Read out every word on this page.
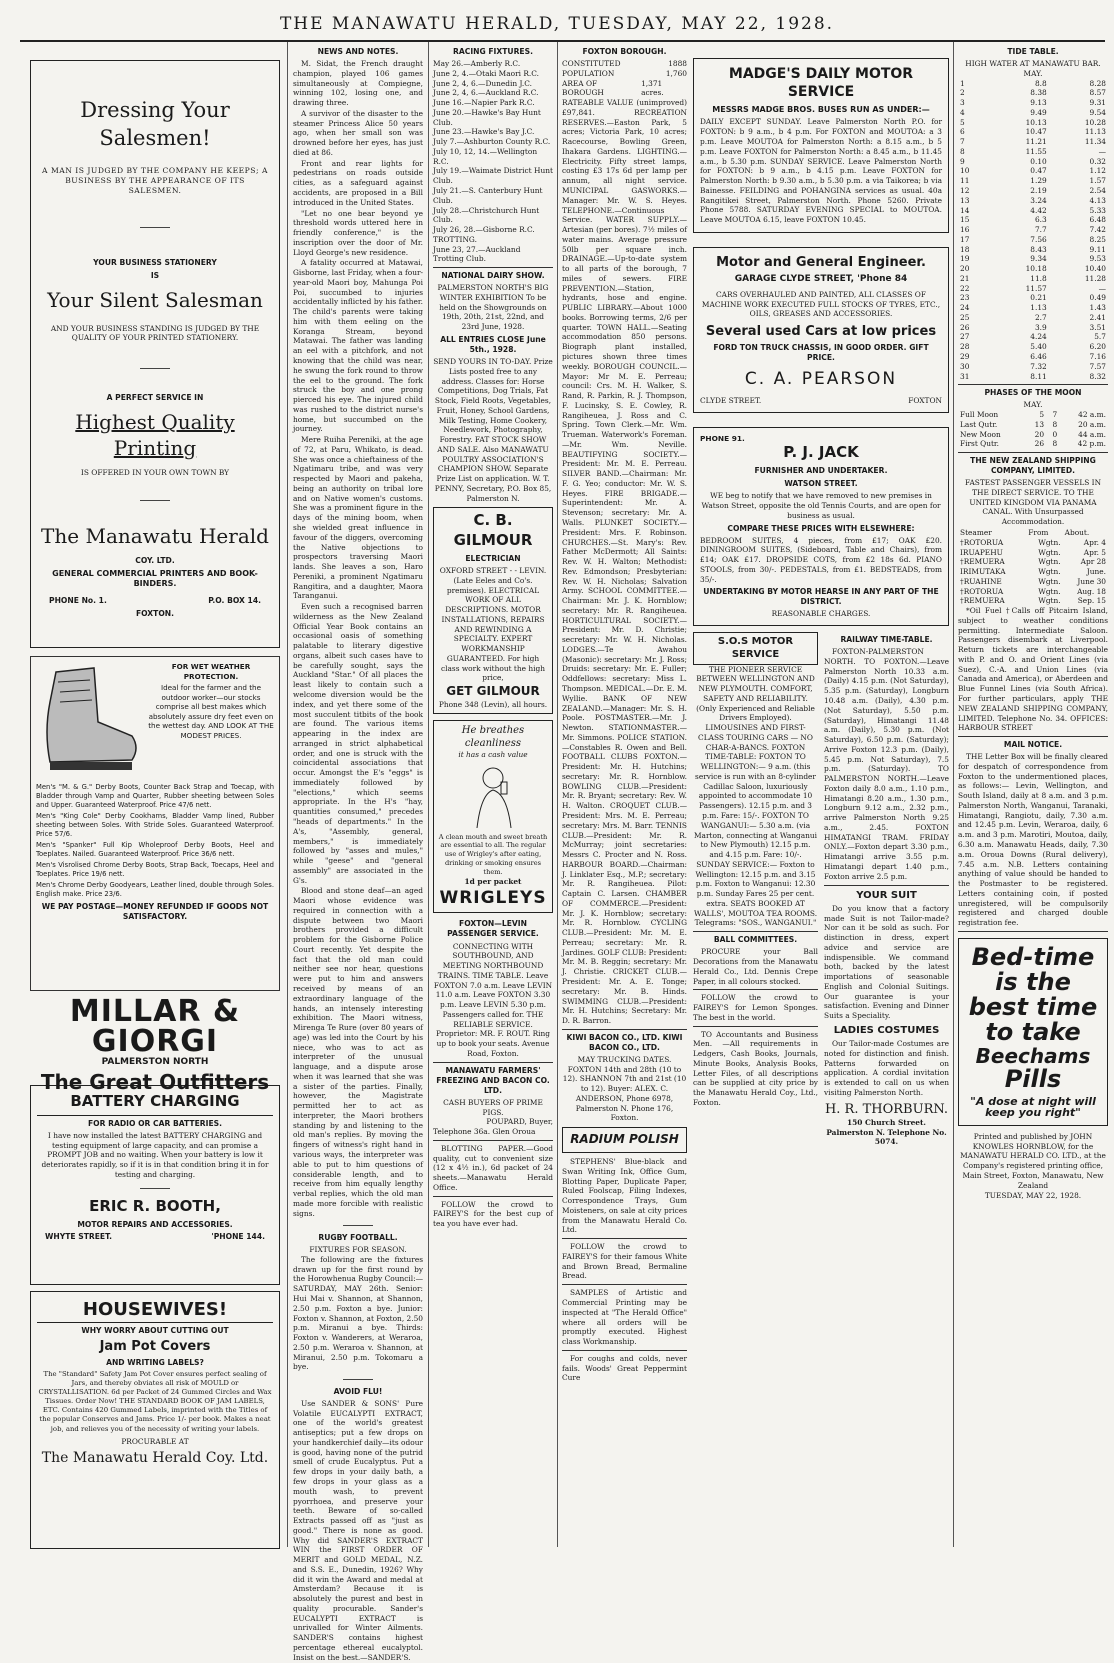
THE MANAWATU HERALD, TUESDAY, MAY 22, 1928.
Dressing Your Salesmen!

A MAN IS JUDGED BY THE COMPANY HE KEEPS; A BUSINESS BY THE APPEARANCE OF ITS SALESMEN.

YOUR BUSINESS STATIONERY
IS
Your Silent Salesman

AND YOUR BUSINESS STANDING IS JUDGED BY THE QUALITY OF YOUR PRINTED STATIONERY.

A PERFECT SERVICE IN
Highest Quality Printing
IS OFFERED IN YOUR OWN TOWN BY
The Manawatu Herald
COY. LTD.
GENERAL COMMERCIAL PRINTERS AND BOOK-BINDERS.
PHONE No. 1.	P.O. BOX 14.
FOXTON.
FOR WET WEATHER PROTECTION.
Ideal for the farmer and the outdoor worker—our stocks comprise all best makes which absolutely assure dry feet even on the wettest day. AND LOOK AT THE MODEST PRICES.

Men's "M. & G." Derby Boots, Counter Back Strap and Toecap, with Bladder through Vamp and Quarter, Rubber sheeting between Soles and Upper. Guaranteed Waterproof. Price 47/6 nett.

Men's "King Cole" Derby Cookhams, Bladder Vamp lined, Rubber sheeting between Soles. With Stride Soles. Guaranteed Waterproof. Price 57/6.

Men's "Spanker" Full Kip Wholeproof Derby Boots, Heel and Toeplates. Nailed. Guaranteed Waterproof. Price 36/6 nett.

Men's Visrolised Chrome Derby Boots, Strap Back, Toecaps, Heel and Toeplates. Price 19/6 nett.

Men's Chrome Derby Goodyears, Leather lined, double through Soles. English make. Price 23/6.

WE PAY POSTAGE—MONEY REFUNDED IF GOODS NOT SATISFACTORY.
MILLAR & GIORGI
PALMERSTON NORTH
The Great Outfitters
BATTERY CHARGING
FOR RADIO OR CAR BATTERIES.

I have now installed the latest BATTERY CHARGING and testing equipment of large capacity, and can promise a PROMPT JOB and no waiting. When your battery is low it deteriorates rapidly, so if it is in that condition bring it in for testing and charging.

ERIC R. BOOTH,
MOTOR REPAIRS AND ACCESSORIES.
WHYTE STREET.	'PHONE 144.
HOUSEWIVES!
WHY WORRY ABOUT CUTTING OUT
Jam Pot Covers
AND WRITING LABELS?

The "Standard" Safety Jam Pot Cover ensures perfect sealing of Jars, and thereby obviates all risk of MOULD or CRYSTALLISATION. 6d per Packet of 24 Gummed Circles and Wax Tissues. Order Now! THE STANDARD BOOK OF JAM LABELS, ETC. Contains 420 Gummed Labels, imprinted with the Titles of the popular Conserves and Jams. Price 1/- per book. Makes a neat job, and relieves you of the necessity of writing your labels.

PROCURABLE AT
The Manawatu Herald Coy. Ltd.
NEWS AND NOTES.

M. Sidat, the French draught champion, played 106 games simultaneously at Compiegne, winning 102, losing one, and drawing three.

A survivor of the disaster to the steamer Princess Alice 50 years ago, when her small son was drowned before her eyes, has just died at 86.

Front and rear lights for pedestrians on roads outside cities, as a safeguard against accidents, are proposed in a Bill introduced in the United States.

"Let no one bear beyond ye threshold words uttered here in friendly conference," is the inscription over the door of Mr. Lloyd George's new residence.

A fatality occurred at Matawai, Gisborne, last Friday, when a four-year-old Maori boy, Mahunga Poi Poi, succumbed to injuries accidentally inflicted by his father. The child's parents were taking him with them eeling on the Koranga Stream, beyond Matawai. The father was landing an eel with a pitchfork, and not knowing that the child was near, he swung the fork round to throw the eel to the ground. The fork struck the boy and one prong pierced his eye. The injured child was rushed to the district nurse's home, but succumbed on the journey.

Mere Ruiha Pereniki, at the age of 72, at Paru, Whikato, is dead. She was once a chieftainess of the Ngatimaru tribe, and was very respected by Maori and pakeha, being an authority on tribal lore and on Native women's customs. She was a prominent figure in the days of the mining boom, when she wielded great influence in favour of the diggers, overcoming the Native objections to prospectors traversing Maori lands. She leaves a son, Haro Pereniki, a prominent Ngatimaru Rangitira, and a daughter, Maora Taranganui.

Even such a recognised barren wilderness as the New Zealand Official Year Book contains an occasional oasis of something palatable to literary digestive organs, albeit such cases have to be carefully sought, says the Auckland "Star." Of all places the least likely to contain such a welcome diversion would be the index, and yet there some of the most succulent titbits of the book are found. The various items appearing in the index are arranged in strict alphabetical order, and one is struck with the coincidental associations that occur. Amongst the E's "eggs" is immediately followed by "elections," which seems appropriate. In the H's "hay, quantities consumed," precedes "heads of departments." In the A's, "Assembly, general, members," is immediately followed by "asses and mules," while "geese" and "general assembly" are associated in the G's.

Blood and stone deaf—an aged Maori whose evidence was required in connection with a dispute between two Maori brothers provided a difficult problem for the Gisborne Police Court recently. Yet despite the fact that the old man could neither see nor hear, questions were put to him and answers received by means of an extraordinary language of the hands, an intensely interesting exhibition. The Maori witness, Mirenga Te Rure (over 80 years of age) was led into the Court by his niece, who was to act as interpreter of the unusual language, and a dispute arose when it was learned that she was a sister of the parties. Finally, however, the Magistrate permitted her to act as interpreter, the Maori brothers standing by and listening to the old man's replies. By moving the fingers of witness's right hand in various ways, the interpreter was able to put to him questions of considerable length, and to receive from him equally lengthy verbal replies, which the old man made more forcible with realistic signs.

RUGBY FOOTBALL.
FIXTURES FOR SEASON.

The following are the fixtures drawn up for the first round by the Horowhenua Rugby Council:— SATURDAY, MAY 26th. Senior: Hui Mai v. Shannon, at Shannon, 2.50 p.m. Foxton a bye. Junior: Foxton v. Shannon, at Foxton, 2.50 p.m. Miranui a bye. Thirds: Foxton v. Wanderers, at Weraroa, 2.50 p.m. Weraroa v. Shannon, at Miranui, 2.50 p.m. Tokomaru a bye.

AVOID FLU!

Use SANDER & SONS' Pure Volatile EUCALYPTI EXTRACT, one of the world's greatest antiseptics; put a few drops on your handkerchief daily—its odour is good, having none of the putrid smell of crude Eucalyptus. Put a few drops in your daily bath, a few drops in your glass as a mouth wash, to prevent pyorrhoea, and preserve your teeth. Beware of so-called Extracts passed off as "just as good." There is none as good. Why did SANDER'S EXTRACT WIN the FIRST ORDER OF MERIT and GOLD MEDAL, N.Z. and S.S. E., Dunedin, 1926? Why did it win the Award and medal at Amsterdam? Because it is absolutely the purest and best in quality procurable. Sander's EUCALYPTI EXTRACT is unrivalled for Winter Ailments. SANDER'S contains highest percentage ethereal eucalyptol. Insist on the best.—SANDER'S.

RACING FIXTURES.
May 26.—Amberly R.C.
June 2, 4.—Otaki Maori R.C.
June 2, 4, 6.—Dunedin J.C.
June 2, 4, 6.—Auckland R.C.
June 16.—Napier Park R.C.
June 20.—Hawke's Bay Hunt Club.
June 23.—Hawke's Bay J.C.
July 7.—Ashburton County R.C.
July 10, 12, 14.—Wellington R.C.
July 19.—Waimate District Hunt Club.
July 21.—S. Canterbury Hunt Club.
July 28.—Christchurch Hunt Club.
July 26, 28.—Gisborne R.C.
TROTTING.
June 23, 27.—Auckland Trotting Club.
NATIONAL DAIRY SHOW.

PALMERSTON NORTH'S BIG WINTER EXHIBITION To be held on the Showgrounds on 19th, 20th, 21st, 22nd, and 23rd June, 1928.

ALL ENTRIES CLOSE June 5th., 1928.

SEND YOURS IN TO-DAY. Prize Lists posted free to any address. Classes for: Horse Competitions, Dog Trials, Fat Stock, Field Roots, Vegetables, Fruit, Honey, School Gardens, Milk Testing, Home Cookery, Needlework, Photography, Forestry. FAT STOCK SHOW AND SALE. Also MANAWATU POULTRY ASSOCIATION'S CHAMPION SHOW. Separate Prize List on application. W. T. PENNY, Secretary, P.O. Box 85, Palmerston N.

C. B. GILMOUR
ELECTRICIAN

OXFORD STREET - - LEVIN. (Late Eeles and Co's. premises). ELECTRICAL WORK OF ALL DESCRIPTIONS. MOTOR INSTALLATIONS, REPAIRS AND REWINDING A SPECIALTY. EXPERT WORKMANSHIP GUARANTEED. For high class work without the high price,

GET GILMOUR
Phone 348 (Levin), all hours.
He breathes cleanliness
it has a cash value

A clean mouth and sweet breath are essential to all. The regular use of Wrigley's after eating, drinking or smoking ensures them.

1d per packet
WRIGLEYS
FOXTON—LEVIN PASSENGER SERVICE.

CONNECTING WITH SOUTHBOUND, AND MEETING NORTHBOUND TRAINS. TIME TABLE. Leave FOXTON 7.0 a.m. Leave LEVIN 11.0 a.m. Leave FOXTON 3.30 p.m. Leave LEVIN 5.30 p.m. Passengers called for. THE RELIABLE SERVICE. Proprietor: MR. F. ROUT. Ring up to book your seats. Avenue Road, Foxton.

MANAWATU FARMERS' FREEZING AND BACON CO. LTD.
CASH BUYERS OF PRIME PIGS.
POUPARD, Buyer,
Telephone 36a. Glen Oroua

BLOTTING PAPER.—Good quality, cut to convenient size (12 x 4½ in.), 6d packet of 24 sheets.—Manawatu Herald Office.

FOLLOW the crowd to FAIREY'S for the best cup of tea you have ever had.

FOXTON BOROUGH.
CONSTITUTED	1888
POPULATION	1,760
AREA OF BOROUGH
1,371 acres.

RATEABLE VALUE (unimproved) £97,841. RECREATION RESERVES.—Easton Park, 5 acres; Victoria Park, 10 acres; Racecourse, Bowling Green, Ihakara Gardens. LIGHTING.—Electricity. Fifty street lamps, costing £3 17s 6d per lamp per annum, all night service. MUNICIPAL GASWORKS.—Manager: Mr. W. S. Heyes. TELEPHONE.—Continuous Service. WATER SUPPLY.—Artesian (per bores). 7½ miles of water mains. Average pressure 50lb per square inch. DRAINAGE.—Up-to-date system to all parts of the borough, 7 miles of sewers. FIRE PREVENTION.—Station, hydrants, hose and engine. PUBLIC LIBRARY.—About 1000 books. Borrowing terms, 2/6 per quarter. TOWN HALL.—Seating accommodation 850 persons. Biograph plant installed, pictures shown three times weekly. BOROUGH COUNCIL.—Mayor: Mr M. E. Perreau; council: Crs. M. H. Walker, S. Rand, R. Parkin, R. J. Thompson, F. Lucinsky, S. E. Cowley, R. Rangiheuea, J. Ross and C. Spring. Town Clerk.—Mr. Wm. Trueman. Waterwork's Foreman.—Mr. Wm. Neville. BEAUTIFYING SOCIETY.—President: Mr. M. E. Perreau. SILVER BAND.—Chairman: Mr. F. G. Yeo; conductor: Mr. W. S. Heyes. FIRE BRIGADE.—Superintendent: Mr. A. Stevenson; secretary: Mr. A. Walls. PLUNKET SOCIETY.—President: Mrs. F. Robinson. CHURCHES.—St. Mary's: Rev. Father McDermott; All Saints: Rev. W. H. Walton; Methodist: Rev. Edmondson; Presbyterian: Rev. W. H. Nicholas; Salvation Army. SCHOOL COMMITTEE.—Chairman: Mr. J. K. Hornblow; secretary: Mr. R. Rangiheuea. HORTICULTURAL SOCIETY.—President: Mr. D. Christie; secretary: Mr. W. H. Nicholas. LODGES.—Te Awahou (Masonic): secretary: Mr. J. Ross; Druids: secretary: Mr. E. Fuller; Oddfellows: secretary: Miss L. Thompson. MEDICAL.—Dr. E. M. Wyllie. BANK OF NEW ZEALAND.—Manager: Mr. S. H. Poole. POSTMASTER.—Mr. J. Newton. STATIONMASTER.—Mr. Simmons. POLICE STATION.—Constables R. Owen and Bell. FOOTBALL CLUBS FOXTON.—President: Mr. H. Hutchins; secretary: Mr. R. Hornblow. BOWLING CLUB.—President: Mr. R. Bryant; secretary: Rev. W. H. Walton. CROQUET CLUB.—President: Mrs. M. E. Perreau; secretary: Mrs. M. Barr. TENNIS CLUB.—President: Mr. R. McMurray; joint secretaries: Messrs C. Procter and N. Ross. HARBOUR BOARD.—Chairman: J. Linklater Esq., M.P.; secretary: Mr. R. Rangiheuea. Pilot: Captain C. Larsen. CHAMBER OF COMMERCE.—President: Mr. J. K. Hornblow; secretary: Mr. R. Hornblow. CYCLING CLUB.—President: Mr. M. E. Perreau; secretary: Mr. R. Jardines. GOLF CLUB: President: Mr. M. B. Reggin; secretary: Mr. J. Christie. CRICKET CLUB.—President: Mr. A. E. Tonge; secretary: Mr. B. Hinds. SWIMMING CLUB.—President: Mr. H. Hutchins; Secretary: Mr. D. R. Barron.

KIWI BACON CO., LTD. KIWI BACON CO., LTD.

MAY TRUCKING DATES. FOXTON 14th and 28th (10 to 12). SHANNON 7th and 21st (10 to 12). Buyer: ALEX. C. ANDERSON, Phone 6978, Palmerston N. Phone 176, Foxton.

RADIUM POLISH

STEPHENS' Blue-black and Swan Writing Ink, Office Gum, Blotting Paper, Duplicate Paper, Ruled Foolscap, Filing Indexes, Correspondence Trays, Gum Moisteners, on sale at city prices from the Manawatu Herald Co. Ltd.

FOLLOW the crowd to FAIREY'S for their famous White and Brown Bread, Bermaline Bread.

SAMPLES of Artistic and Commercial Printing may be inspected at "The Herald Office" where all orders will be promptly executed. Highest class Workmanship.

For coughs and colds, never fails. Woods' Great Peppermint Cure

MADGE'S DAILY MOTOR SERVICE
MESSRS MADGE BROS. BUSES RUN AS UNDER:—

DAILY EXCEPT SUNDAY. Leave Palmerston North P.O. for FOXTON: b 9 a.m., b 4 p.m. For FOXTON and MOUTOA: a 3 p.m. Leave MOUTOA for Palmerston North: a 8.15 a.m., b 5 p.m. Leave FOXTON for Palmerston North: a 8.45 a.m., b 11.45 a.m., b 5.30 p.m. SUNDAY SERVICE. Leave Palmerston North for FOXTON: b 9 a.m., b 4.15 p.m. Leave FOXTON for Palmerston North: b 9.30 a.m., b 5.30 p.m. a via Taikorea; b via Bainesse. FEILDING and POHANGINA services as usual. 40a Rangitikei Street, Palmerston North. Phone 5260. Private Phone 5788. SATURDAY EVENING SPECIAL to MOUTOA. Leave MOUTOA 6.15, leave FOXTON 10.45.

Motor and General Engineer.
GARAGE CLYDE STREET, 'Phone 84

CARS OVERHAULED AND PAINTED, ALL CLASSES OF MACHINE WORK EXECUTED FULL STOCKS OF TYRES, ETC., OILS, GREASES AND ACCESSORIES.

Several used Cars at low prices
FORD TON TRUCK CHASSIS, IN GOOD ORDER. GIFT PRICE.
C. A. PEARSON
CLYDE STREET.	FOXTON
PHONE 91.
P. J. JACK
FURNISHER AND UNDERTAKER.
WATSON STREET.

WE beg to notify that we have removed to new premises in Watson Street, opposite the old Tennis Courts, and are open for business as usual.

COMPARE THESE PRICES WITH ELSEWHERE:

BEDROOM SUITES, 4 pieces, from £17; OAK £20. DININGROOM SUITES, (Sideboard, Table and Chairs), from £14; OAK £17. DROPSIDE COTS, from £2 18s 6d. PIANO STOOLS, from 30/-. PEDESTALS, from £1. BEDSTEADS, from 35/-.

UNDERTAKING BY MOTOR HEARSE IN ANY PART OF THE DISTRICT.
REASONABLE CHARGES.
S.O.S MOTOR SERVICE

THE PIONEER SERVICE BETWEEN WELLINGTON AND NEW PLYMOUTH. COMFORT, SAFETY AND RELIABILITY. (Only Experienced and Reliable Drivers Employed). LIMOUSINES AND FIRST-CLASS TOURING CARS — NO CHAR-A-BANCS. FOXTON TIME-TABLE: FOXTON TO WELLINGTON:— 9 a.m. (this service is run with an 8-cylinder Cadillac Saloon, luxuriously appointed to accommodate 10 Passengers). 12.15 p.m. and 3 p.m. Fare: 15/-. FOXTON TO WANGANUI:— 5.30 a.m. (via Marton, connecting at Wanganui to New Plymouth) 12.15 p.m. and 4.15 p.m. Fare: 10/-. SUNDAY SERVICE:— Foxton to Wellington: 12.15 p.m. and 3.15 p.m. Foxton to Wanganui: 12.30 p.m. Sunday Fares 25 per cent. extra. SEATS BOOKED AT WALLS', MOUTOA TEA ROOMS. Telegrams: "SOS., WANGANUI."

BALL COMMITTEES.

PROCURE your Ball Decorations from the Manawatu Herald Co., Ltd. Dennis Crepe Paper, in all colours stocked.

FOLLOW the crowd to FAIREY'S for Lemon Sponges. The best in the world.

TO Accountants and Business Men. —All requirements in Ledgers, Cash Books, Journals, Minute Books, Analysis Books, Letter Files, of all descriptions can be supplied at city price by the Manawatu Herald Coy., Ltd., Foxton.

RAILWAY TIME-TABLE.

FOXTON-PALMERSTON NORTH. TO FOXTON.—Leave Palmerston North 10.33 a.m. (Daily) 4.15 p.m. (Not Saturday), 5.35 p.m. (Saturday), Longburn 10.48 a.m. (Daily), 4.30 p.m. (Not Saturday), 5.50 p.m. (Saturday), Himatangi 11.48 a.m. (Daily), 5.30 p.m. (Not Saturday), 6.50 p.m. (Saturday); Arrive Foxton 12.3 p.m. (Daily), 5.45 p.m. Not Saturday), 7.5 p.m. (Saturday). TO PALMERSTON NORTH.—Leave Foxton daily 8.0 a.m., 1.10 p.m., Himatangi 8.20 a.m., 1.30 p.m., Longburn 9.12 a.m., 2.32 p.m., arrive Palmerston North 9.25 a.m., 2.45. FOXTON HIMATANGI TRAM. FRIDAY ONLY.—Foxton depart 3.30 p.m., Himatangi arrive 3.55 p.m. Himatangi depart 1.40 p.m., Foxton arrive 2.5 p.m.

YOUR SUIT

Do you know that a factory made Suit is not Tailor-made? Nor can it be sold as such. For distinction in dress, expert advice and service are indispensible. We command both, backed by the latest importations of seasonable English and Colonial Suitings. Our guarantee is your satisfaction. Evening and Dinner Suits a Speciality.

LADIES COSTUMES

Our Tailor-made Costumes are noted for distinction and finish. Patterns forwarded on application. A cordial invitation is extended to call on us when visiting Palmerston North.

H. R. THORBURN.
150 Church Street. Palmerston N. Telephone No. 5074.
TIDE TABLE.
HIGH WATER AT MANAWATU BAR.
MAY.
1	8.8	8.28
2	8.38	8.57
3	9.13	9.31
4	9.49	9.54
5	10.13	10.28
6	10.47	11.13
7	11.21	11.34
8	11.55	—
9	0.10	0.32
10	0.47	1.12
11	1.29	1.57
12	2.19	2.54
13	3.24	4.13
14	4.42	5.33
15	6.3	6.48
16	7.7	7.42
17	7.56	8.25
18	8.43	9.11
19	9.34	9.53
20	10.18	10.40
21	11.8	11.28
22	11.57	—
23	0.21	0.49
24	1.13	1.43
25	2.7	2.41
26	3.9	3.51
27	4.24	5.7
28	5.40	6.20
29	6.46	7.16
30	7.32	7.57
31	8.11	8.32
PHASES OF THE MOON
MAY.
Full Moon	5	7	42 a.m.
Last Qutr.	13	8	20 a.m.
New Moon	20	0	44 a.m.
First Qutr.	26	8	42 p.m.
THE NEW ZEALAND SHIPPING COMPANY, LIMITED.

FASTEST PASSENGER VESSELS IN THE DIRECT SERVICE. TO THE UNITED KINGDOM VIA PANAMA CANAL. With Unsurpassed Accommodation.

Steamer	From	About.
†ROTORUA	Wgtn.	Apr. 4
IRUAPEHU	Wgtn.	Apr. 5
†REMUERA	Wgtn.	Apr 28
IRIMUTAKA	Wgtn.	June.
†RUAHINE	Wgtn.	June 30
†ROTORUA	Wgtn.	Aug. 18
†REMUERA	Wgtn.	Sep. 15

*Oil Fuel †Calls off Pitcairn Island, subject to weather conditions permitting. Intermediate Saloon. Passengers disembark at Liverpool. Return tickets are interchangeable with P. and O. and Orient Lines (via Suez), C.-A. and Union Lines (via Canada and America), or Aberdeen and Blue Funnel Lines (via South Africa). For further particulars, apply THE NEW ZEALAND SHIPPING COMPANY, LIMITED. Telephone No. 34. OFFICES: HARBOUR STREET

MAIL NOTICE.

THE Letter Box will be finally cleared for despatch of correspondence from Foxton to the undermentioned places, as follows:— Levin, Wellington, and South Island, daily at 8 a.m. and 3 p.m. Palmerston North, Wanganui, Taranaki, Himatangi, Rangiotu, daily, 7.30 a.m. and 12.45 p.m. Levin, Weraroa, daily, 6 a.m. and 3 p.m. Marotiri, Moutoa, daily, 6.30 a.m. Manawatu Heads, daily, 7.30 a.m. Oroua Downs (Rural delivery), 7.45 a.m. N.B. Letters containing anything of value should be handed to the Postmaster to be registered. Letters containing coin, if posted unregistered, will be compulsorily registered and charged double registration fee.

Bed-time
is the
best time
to take
Beechams
Pills
"A dose at night will keep you right"

Printed and published by JOHN KNOWLES HORNBLOW, for the MANAWATU HERALD CO. LTD., at the Company's registered printing office, Main Street, Foxton, Manawatu, New Zealand

TUESDAY, MAY 22, 1928.
